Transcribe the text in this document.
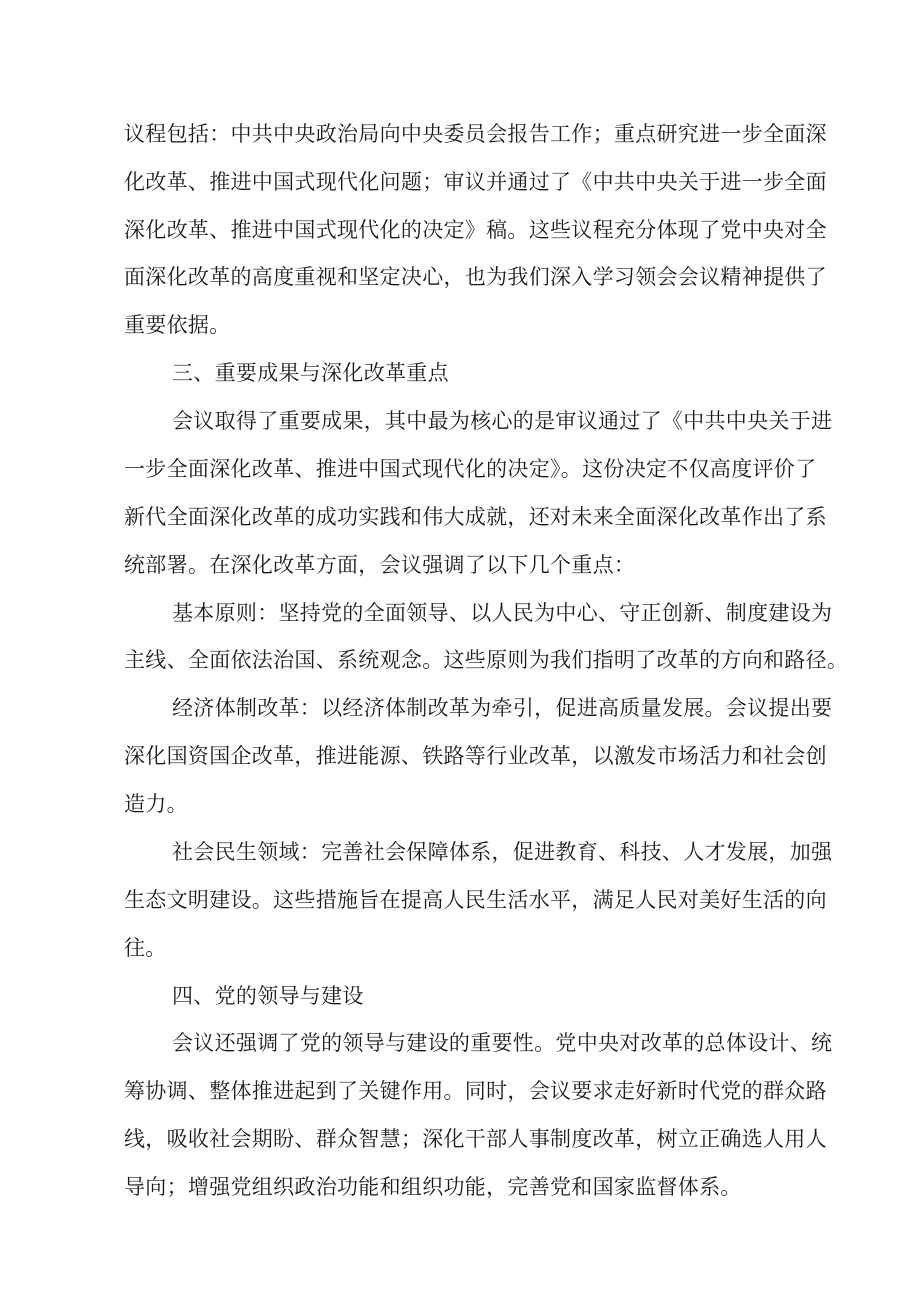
议程包括：中共中央政治局向中央委员会报告工作；重点研究进一步全面深
化改革、推进中国式现代化问题；审议并通过了《中共中央关于进一步全面
深化改革、推进中国式现代化的决定》稿。这些议程充分体现了党中央对全
面深化改革的高度重视和坚定决心，也为我们深入学习领会会议精神提供了
重要依据。
三、重要成果与深化改革重点
会议取得了重要成果，其中最为核心的是审议通过了《中共中央关于进
一步全面深化改革、推进中国式现代化的决定》。这份决定不仅高度评价了
新代全面深化改革的成功实践和伟大成就，还对未来全面深化改革作出了系
统部署。在深化改革方面，会议强调了以下几个重点：
基本原则：坚持党的全面领导、以人民为中心、守正创新、制度建设为
主线、全面依法治国、系统观念。这些原则为我们指明了改革的方向和路径。
经济体制改革：以经济体制改革为牵引，促进高质量发展。会议提出要
深化国资国企改革，推进能源、铁路等行业改革，以激发市场活力和社会创
造力。
社会民生领域：完善社会保障体系，促进教育、科技、人才发展，加强
生态文明建设。这些措施旨在提高人民生活水平，满足人民对美好生活的向
往。
四、党的领导与建设
会议还强调了党的领导与建设的重要性。党中央对改革的总体设计、统
筹协调、整体推进起到了关键作用。同时，会议要求走好新时代党的群众路
线，吸收社会期盼、群众智慧；深化干部人事制度改革，树立正确选人用人
导向；增强党组织政治功能和组织功能，完善党和国家监督体系。
